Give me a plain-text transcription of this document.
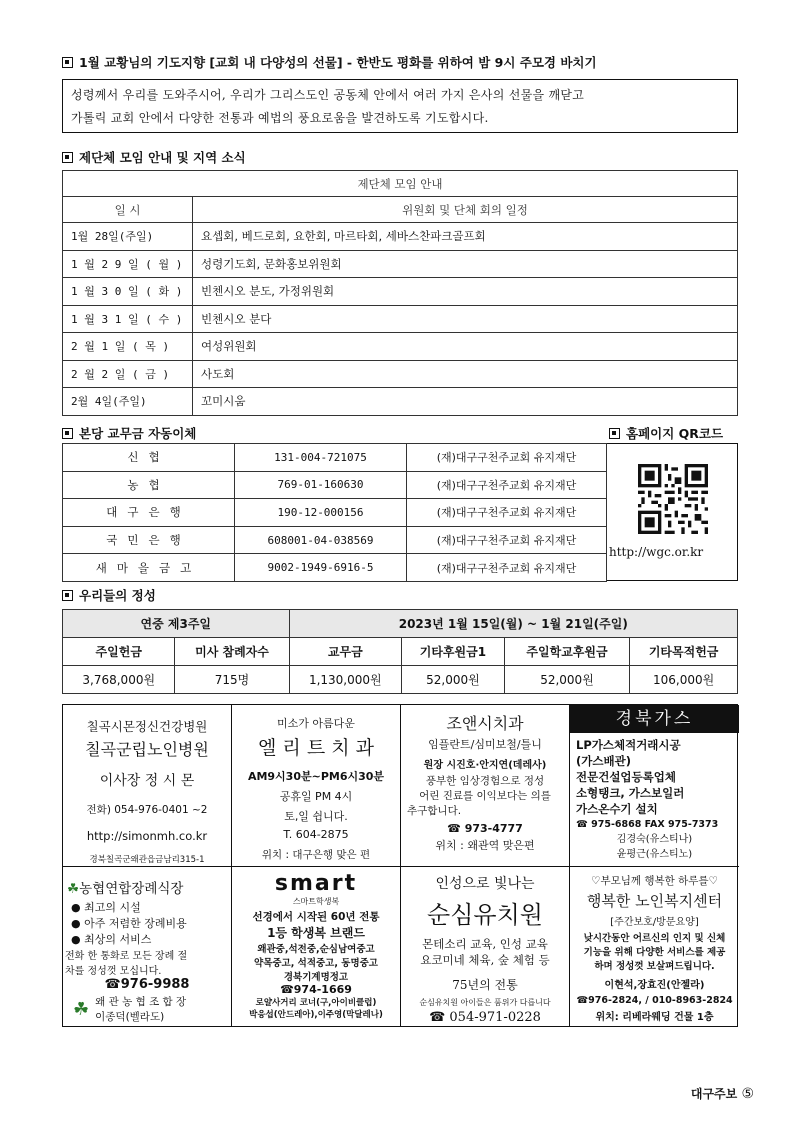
1월 교황님의 기도지향 [교회 내 다양성의 선물] - 한반도 평화를 위하여 밤 9시 주모경 바치기

성령께서 우리를 도와주시어, 우리가 그리스도인 공동체 안에서 여러 가지 은사의 선물을 깨닫고

가톨릭 교회 안에서 다양한 전통과 예법의 풍요로움을 발견하도록 기도합시다.

제단체 모임 안내 및 지역 소식
제단체 모임 안내	
일 시	위원회 및 단체 회의 일정
1월 28일(주일)	요셉회, 베드로회, 요한회, 마르타회, 세바스찬파크골프회
1 월 2 9 일 ( 월 )	성령기도회, 문화홍보위원회
1 월 3 0 일 ( 화 )	빈첸시오 분도, 가정위원회
1 월 3 1 일 ( 수 )	빈첸시오 분다
2 월 1 일 ( 목 )	여성위원회
2 월 2 일 ( 금 )	사도회
2월 4일(주일)	꼬미시움
본당 교무금 자동이체	홈페이지 QR코드
신협	131-004-721075	(재)대구구천주교회 유지재단
농협	769-01-160630	(재)대구구천주교회 유지재단
대구은행	190-12-000156	(재)대구구천주교회 유지재단
국민은행	608001-04-038569	(재)대구구천주교회 유지재단
새마을금고	9002-1949-6916-5	(재)대구구천주교회 유지재단

http://wgc.or.kr

우리들의 정성
연중 제3주일		2023년 1월 15일(월) ~ 1월 21일(주일)			
주일헌금	미사 참례자수	교무금	기타후원금1	주일학교후원금	기타목적헌금
3,768,000원	715명	1,130,000원	52,000원	52,000원	106,000원

칠곡시몬정신건강병원

칠곡군립노인병원

이사장 정 시 몬

전화) 054-976-0401 ~2

http://simonmh.co.kr

경북칠곡군왜관읍금남리315-1

미소가 아름다운

엘 리 트 치 과

AM9시30분~PM6시30분

공휴일 PM 4시

토,일 쉽니다.

T. 604-2875

위치 : 대구은행 맞은 편

조앤시치과

임플란트/심미보철/틀니

원장 시진호·안지연(데레사)

풍부한 임상경험으로 정성

어린 진료를 이익보다는 의를

추구합니다.

☎ 973-4777

위치 : 왜관역 맞은편

경북가스

LP가스체적거래시공

(가스배관)

전문건설업등록업체

소형탱크, 가스보일러

가스온수기 설치

☎ 975-6868 FAX 975-7373

김경숙(유스티나)

윤평근(유스티노)

☘농협연합장례식장

● 최고의 시설

● 아주 저렴한 장례비용

● 최상의 서비스

전화 한 통화로 모든 장례 절

차를 정성껏 모십니다.

☎976-9988

☘ 왜 관 농 협 조 합 장

이종덕(벨라도)

smart

스마트학생복

선경에서 시작된 60년 전통

1등 학생복 브랜드

왜관중,석전중,순심남여중고

약목중고, 석적중고, 동명중고

경북기계명정고

☎974-1669

로얄사거리 코너(구,아이비클럽)

박응섭(안드레아),이주영(막달레나)

인성으로 빛나는

순심유치원

몬테소리 교육, 인성 교육

요코미네 체육, 숲 체험 등

75년의 전통

순심유치원 아이들은 품위가 다릅니다

☎ 054-971-0228

♡부모님께 행복한 하루를♡

행복한 노인복지센터

[주간보호/방문요양]

낮시간동안 어르신의 인지 및 신체

기능을 위해 다양한 서비스를 제공

하며 정성껏 보살펴드립니다.

이현석,장효진(안젤라)

☎976-2824, / 010-8963-2824

위치: 리베라웨딩 건물 1층

대구주보 ⑤
